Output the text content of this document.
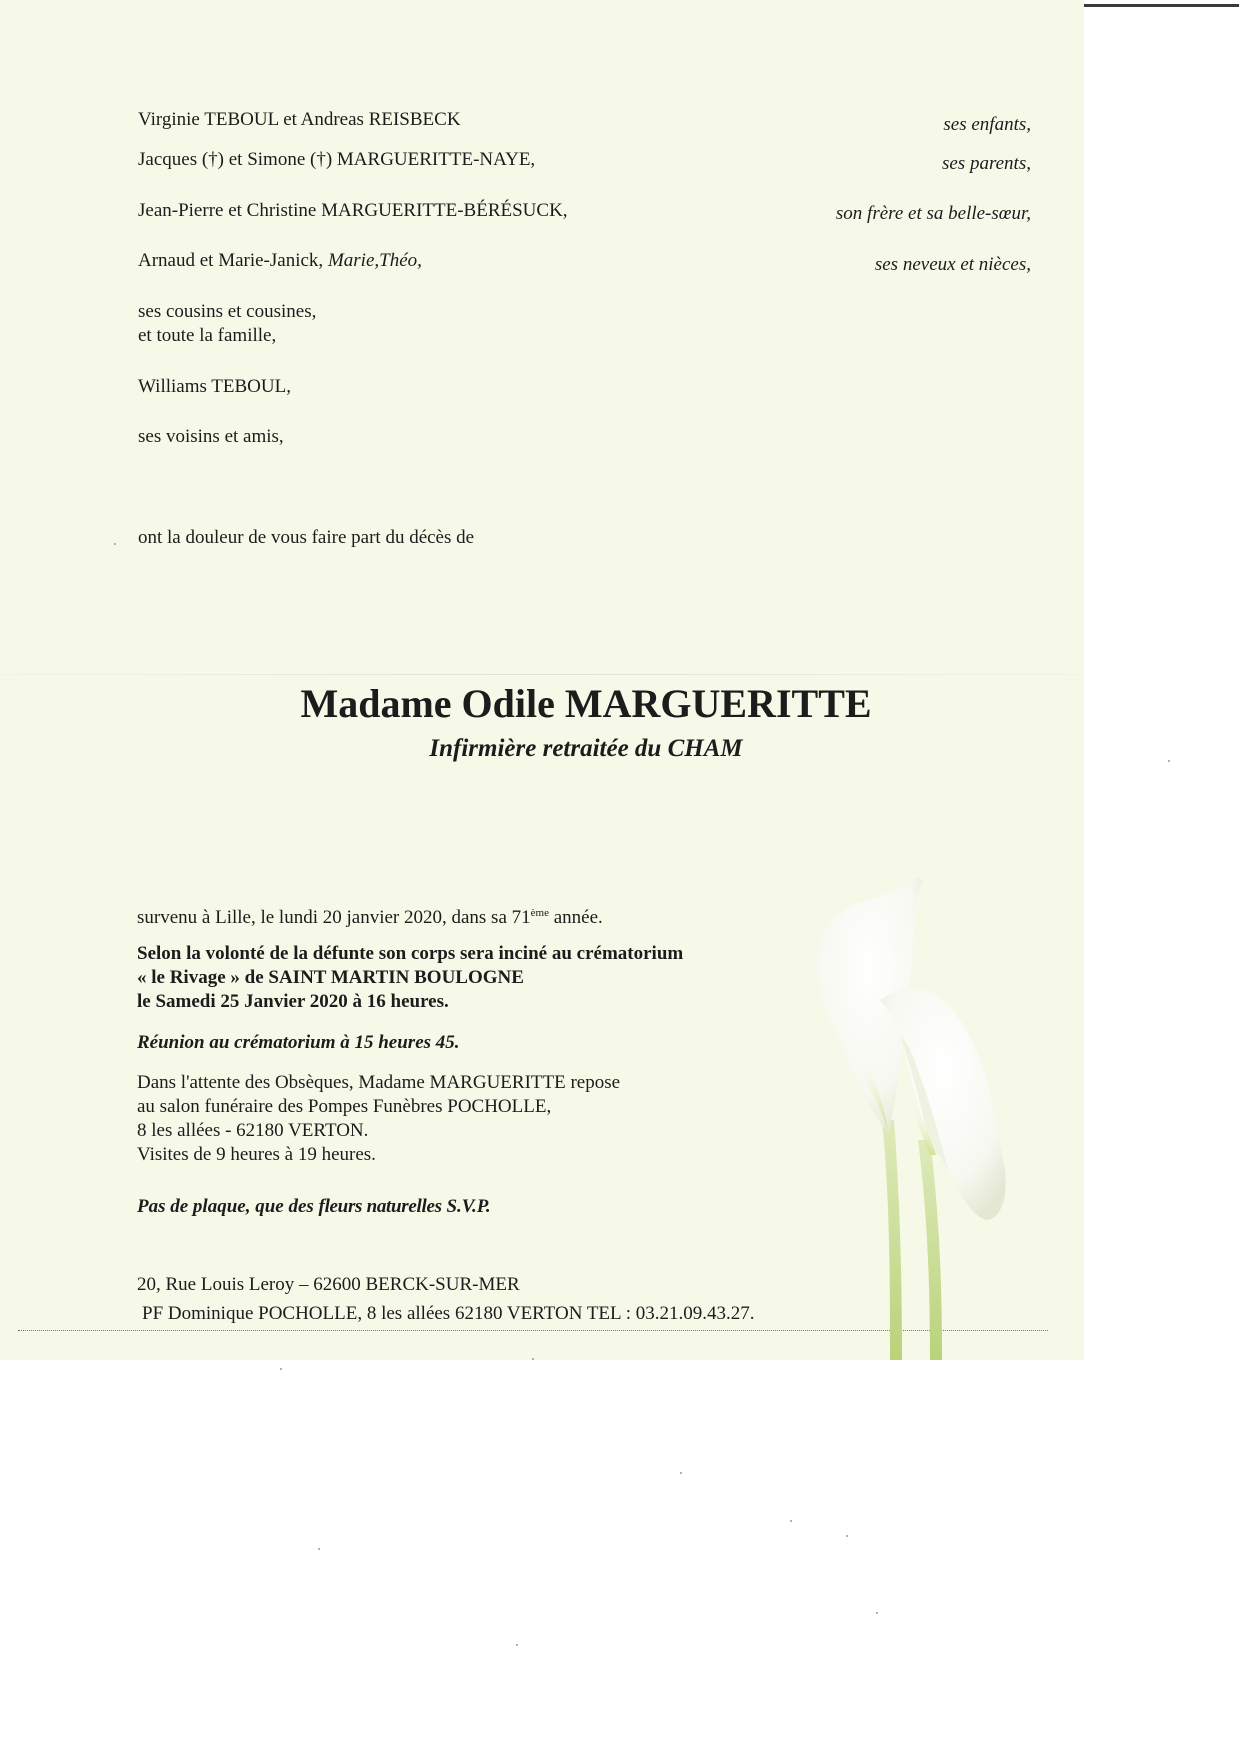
Virginie TEBOUL et Andreas REISBECK	ses enfants,
Jacques (†) et Simone (†) MARGUERITTE-NAYE,	ses parents,
Jean-Pierre et Christine MARGUERITTE-BÉRÉSUCK,	son frère et sa belle-sœur,
Arnaud et Marie-Janick, Marie,Théo,	ses neveux et nièces,
ses cousins et cousines,
et toute la famille,
Williams TEBOUL,
ses voisins et amis,
ont la douleur de vous faire part du décès de
Madame Odile MARGUERITTE
Infirmière retraitée du CHAM
survenu à Lille, le lundi 20 janvier 2020, dans sa 71ème année.
Selon la volonté de la défunte son corps sera inciné au crématorium
« le Rivage » de SAINT MARTIN BOULOGNE
le Samedi 25 Janvier 2020 à 16 heures.
Réunion au crématorium à 15 heures 45.
Dans l'attente des Obsèques, Madame MARGUERITTE repose
au salon funéraire des Pompes Funèbres POCHOLLE,
8 les allées - 62180 VERTON.
Visites de 9 heures à 19 heures.
Pas de plaque, que des fleurs naturelles S.V.P.
20, Rue Louis Leroy – 62600 BERCK-SUR-MER
PF Dominique POCHOLLE, 8 les allées 62180 VERTON TEL : 03.21.09.43.27.
